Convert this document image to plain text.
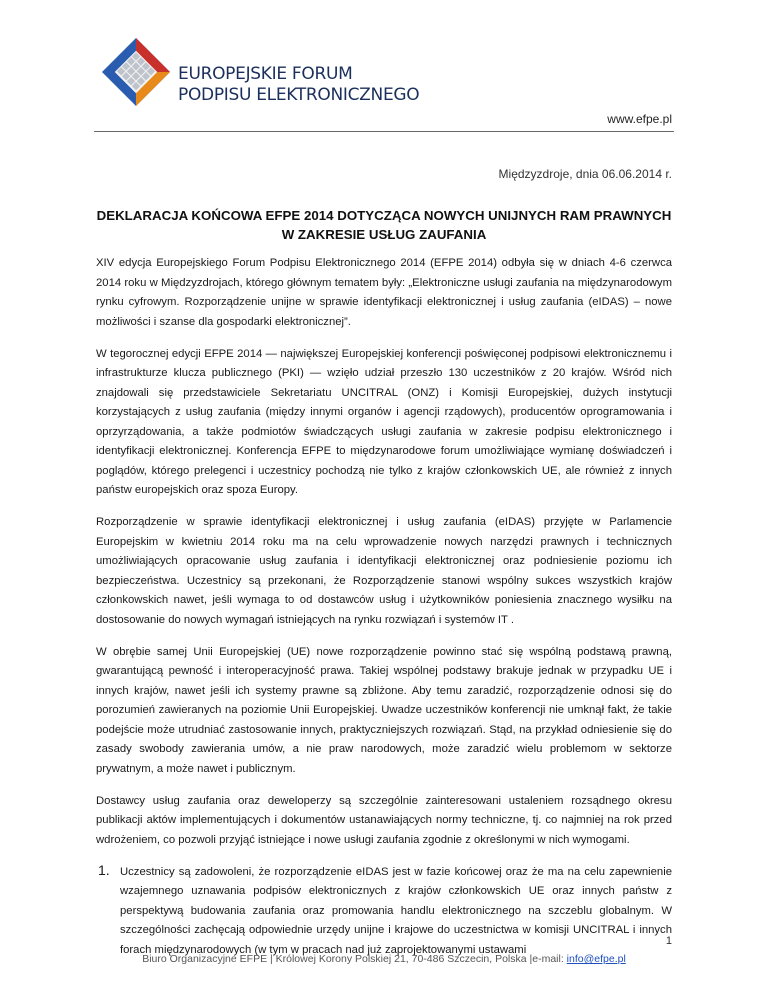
EUROPEJSKIE FORUM
PODPISU ELEKTRONICZNEGO
www.efpe.pl
Międzyzdroje, dnia 06.06.2014 r.
DEKLARACJA KOŃCOWA EFPE 2014 DOTYCZĄCA NOWYCH UNIJNYCH RAM PRAWNYCH W ZAKRESIE USŁUG ZAUFANIA

XIV edycja Europejskiego Forum Podpisu Elektronicznego 2014 (EFPE 2014) odbyła się w dniach 4-6 czerwca 2014 roku w Międzyzdrojach, którego głównym tematem były: „Elektroniczne usługi zaufania na międzynarodowym rynku cyfrowym. Rozporządzenie unijne w sprawie identyfikacji elektronicznej i usług zaufania (eIDAS) – nowe możliwości i szanse dla gospodarki elektronicznej”.

W tegorocznej edycji EFPE 2014 — największej Europejskiej konferencji poświęconej podpisowi elektronicznemu i infrastrukturze klucza publicznego (PKI) — wzięło udział przeszło 130 uczestników z 20 krajów. Wśród nich znajdowali się przedstawiciele Sekretariatu UNCITRAL (ONZ) i Komisji Europejskiej, dużych instytucji korzystających z usług zaufania (między innymi organów i agencji rządowych), producentów oprogramowania i oprzyrządowania, a także podmiotów świadczących usługi zaufania w zakresie podpisu elektronicznego i identyfikacji elektronicznej. Konferencja EFPE to międzynarodowe forum umożliwiające wymianę doświadczeń i poglądów, którego prelegenci i uczestnicy pochodzą nie tylko z krajów członkowskich UE, ale również z innych państw europejskich oraz spoza Europy.

Rozporządzenie w sprawie identyfikacji elektronicznej i usług zaufania (eIDAS) przyjęte w Parlamencie Europejskim w kwietniu 2014 roku ma na celu wprowadzenie nowych narzędzi prawnych i technicznych umożliwiających opracowanie usług zaufania i identyfikacji elektronicznej oraz podniesienie poziomu ich bezpieczeństwa. Uczestnicy są przekonani, że Rozporządzenie stanowi wspólny sukces wszystkich krajów członkowskich nawet, jeśli wymaga to od dostawców usług i użytkowników poniesienia znacznego wysiłku na dostosowanie do nowych wymagań istniejących na rynku rozwiązań i systemów IT .

W obrębie samej Unii Europejskiej (UE) nowe rozporządzenie powinno stać się wspólną podstawą prawną, gwarantującą pewność i interoperacyjność prawa. Takiej wspólnej podstawy brakuje jednak w przypadku UE i innych krajów, nawet jeśli ich systemy prawne są zbliżone. Aby temu zaradzić, rozporządzenie odnosi się do porozumień zawieranych na poziomie Unii Europejskiej. Uwadze uczestników konferencji nie umknął fakt, że takie podejście może utrudniać zastosowanie innych, praktyczniejszych rozwiązań. Stąd, na przykład odniesienie się do zasady swobody zawierania umów, a nie praw narodowych, może zaradzić wielu problemom w sektorze prywatnym, a może nawet i publicznym.

Dostawcy usług zaufania oraz deweloperzy są szczególnie zainteresowani ustaleniem rozsądnego okresu publikacji aktów implementujących i dokumentów ustanawiających normy techniczne, tj. co najmniej na rok przed wdrożeniem, co pozwoli przyjąć istniejące i nowe usługi zaufania zgodnie z określonymi w nich wymogami.

1. Uczestnicy są zadowoleni, że rozporządzenie eIDAS jest w fazie końcowej oraz że ma na celu zapewnienie wzajemnego uznawania podpisów elektronicznych z krajów członkowskich UE oraz innych państw z perspektywą budowania zaufania oraz promowania handlu elektronicznego na szczeblu globalnym. W szczególności zachęcają odpowiednie urzędy unijne i krajowe do uczestnictwa w komisji UNCITRAL i innych forach międzynarodowych (w tym w pracach nad już zaprojektowanymi ustawami
1
Biuro Organizacyjne EFPE | Królowej Korony Polskiej 21, 70-486 Szczecin, Polska |e-mail: info@efpe.pl
